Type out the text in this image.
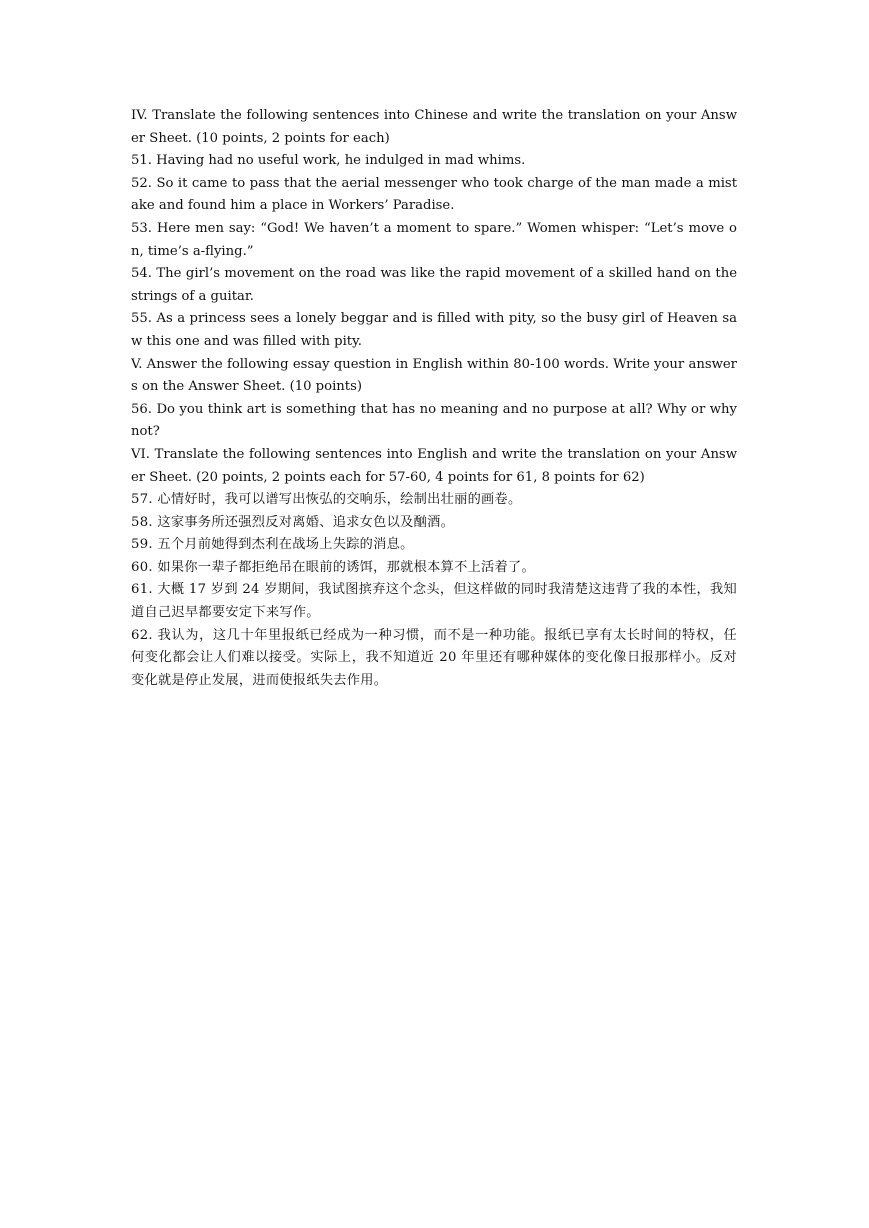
IV. Translate the following sentences into Chinese and write the translation on your Answer Sheet. (10 points, 2 points for each)

51. Having had no useful work, he indulged in mad whims.

52. So it came to pass that the aerial messenger who took charge of the man made a mistake and found him a place in Workers’ Paradise.

53. Here men say: “God! We haven’t a moment to spare.” Women whisper: “Let’s move on, time’s a-flying.”

54. The girl’s movement on the road was like the rapid movement of a skilled hand on the strings of a guitar.

55. As a princess sees a lonely beggar and is filled with pity, so the busy girl of Heaven saw this one and was filled with pity.

V. Answer the following essay question in English within 80-100 words. Write your answers on the Answer Sheet. (10 points)

56. Do you think art is something that has no meaning and no purpose at all? Why or why not?

VI. Translate the following sentences into English and write the translation on your Answer Sheet. (20 points, 2 points each for 57-60, 4 points for 61, 8 points for 62)

57. 心情好时，我可以谱写出恢弘的交响乐，绘制出壮丽的画卷。

58. 这家事务所还强烈反对离婚、追求女色以及酗酒。

59. 五个月前她得到杰利在战场上失踪的消息。

60. 如果你一辈子都拒绝吊在眼前的诱饵，那就根本算不上活着了。

61. 大概 17 岁到 24 岁期间，我试图摈弃这个念头，但这样做的同时我清楚这违背了我的本性，我知道自己迟早都要安定下来写作。

62. 我认为，这几十年里报纸已经成为一种习惯，而不是一种功能。报纸已享有太长时间的特权，任何变化都会让人们难以接受。实际上，我不知道近 20 年里还有哪种媒体的变化像日报那样小。反对变化就是停止发展，进而使报纸失去作用。
